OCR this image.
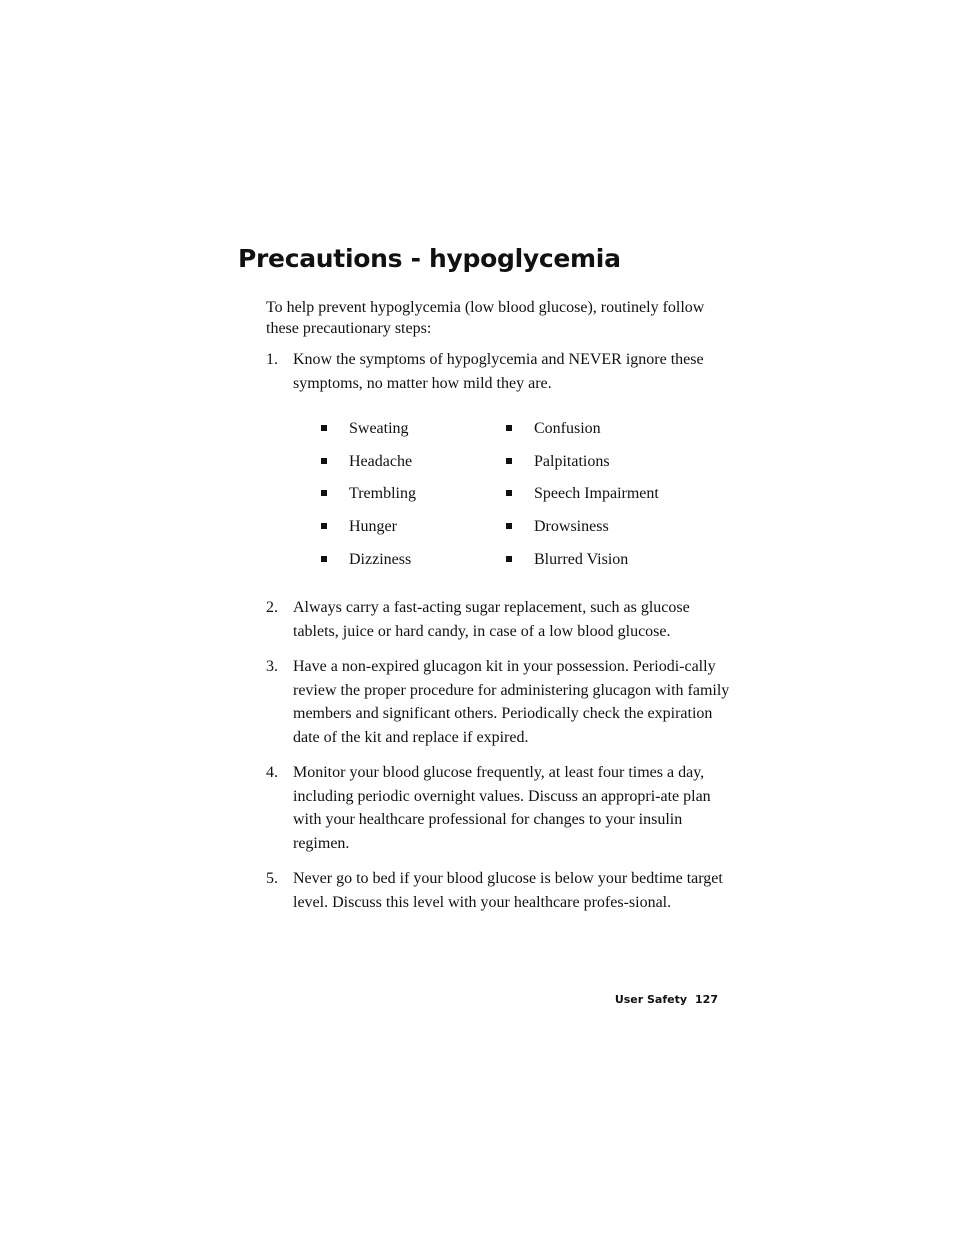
Precautions - hypoglycemia

To help prevent hypoglycemia (low blood glucose), routinely follow these precautionary steps:

1. Know the symptoms of hypoglycemia and NEVER ignore these symptoms, no matter how mild they are.
Sweating
Headache
Trembling
Hunger
Dizziness
Confusion
Palpitations
Speech Impairment
Drowsiness
Blurred Vision
2. Always carry a fast-acting sugar replacement, such as glucose tablets, juice or hard candy, in case of a low blood glucose.
3. Have a non-expired glucagon kit in your possession. Periodi-cally review the proper procedure for administering glucagon with family members and significant others. Periodically check the expiration date of the kit and replace if expired.
4. Monitor your blood glucose frequently, at least four times a day, including periodic overnight values. Discuss an appropri-ate plan with your healthcare professional for changes to your insulin regimen.
5. Never go to bed if your blood glucose is below your bedtime target level. Discuss this level with your healthcare profes-sional.
User Safety 127
